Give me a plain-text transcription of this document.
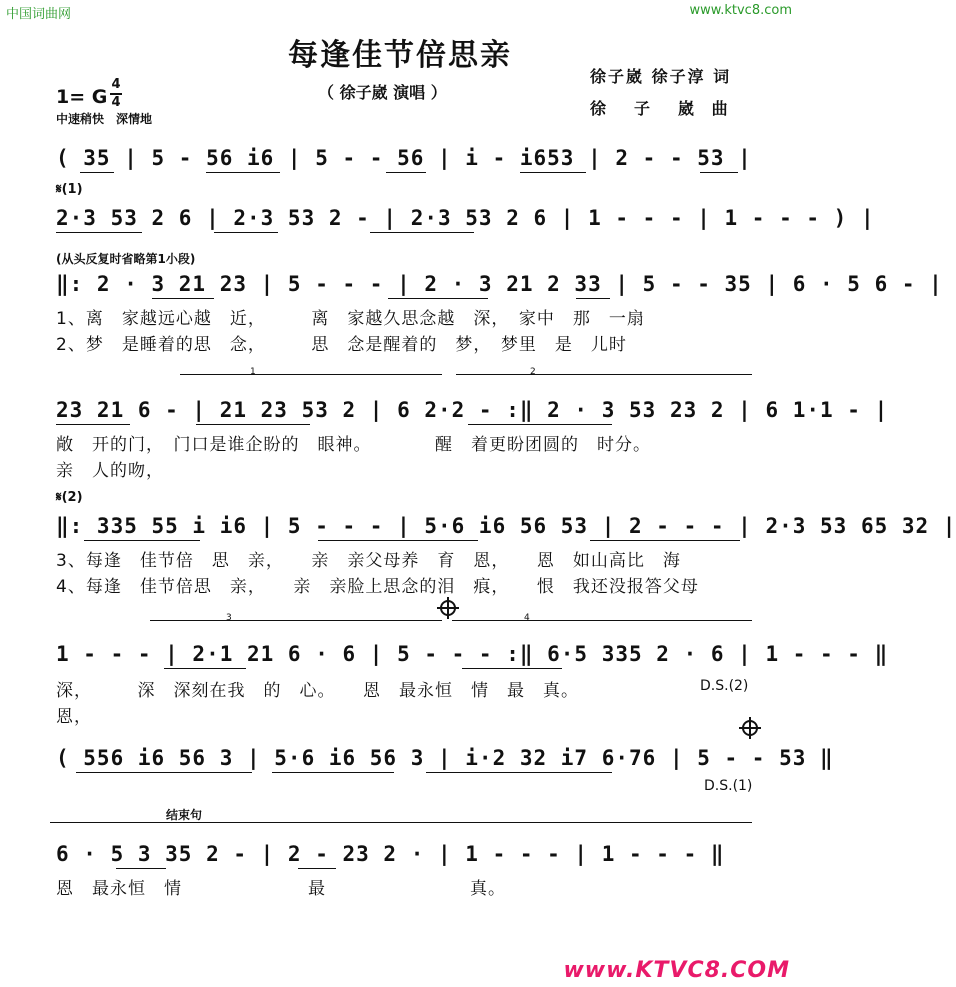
中国词曲网	www.ktvc8.com
每逢佳节倍思亲
（ 徐子崴 演唱 ）
徐子崴 徐子淳 词
徐　子　崴 曲
1= G
4
4
中速稍快　深情地
( 35 | 5 - 56 i6 | 5 - - 56 | i - i653 | 2 - - 53 |
𝄋(1)
2·3 53 2 6 | 2·3 53 2 - | 2·3 53 2 6 | 1 - - - | 1 - - - ) |
(从头反复时省略第1小段)
‖: 2 · 3 21 23 | 5 - - - | 2 · 3 21 2 33 | 5 - - 35 | 6 · 5 6 - |
1、离　家越远心越　近，　　　离　家越久思念越　深，　家中　那　一扇
2、梦　是睡着的思　念，　　　思　念是醒着的　梦，　梦里　是　儿时
1	2
23 21 6 - | 21 23 53 2 | 6 2·2 - :‖ 2 · 3 53 23 2 | 6 1·1 - |
敞　开的门，　门口是谁企盼的　眼神。　　　　醒　着更盼团圆的　时分。
亲　人的吻，
𝄋(2)
‖: 335 55 i i6 | 5 - - - | 5·6 i6 56 53 | 2 - - - | 2·3 53 65 32 |
3、每逢　佳节倍　思　亲，　　亲　亲父母养　育　恩，　　恩　如山高比　海
4、每逢　佳节倍思　亲，　　亲　亲脸上思念的泪　痕，　　恨　我还没报答父母
3	4
1 - - - | 2·1 21 6 · 6 | 5 - - - :‖ 6·5 335 2 · 6 | 1 - - - ‖
深，　　　深　深刻在我　的　心。　　恩　最永恒　情　最　真。
恩，
D.S.(2)
( 556 i6 56 3 | 5·6 i6 56 3 | i·2 32 i7 6·76 | 5 - - 53 ‖
D.S.(1)
结束句
6 · 5 3 35 2 - | 2 - 23 2 · | 1 - - - | 1 - - - ‖
恩　最永恒　情　　　　　　　最　　　　　　　　真。
www.KTVC8.COM
